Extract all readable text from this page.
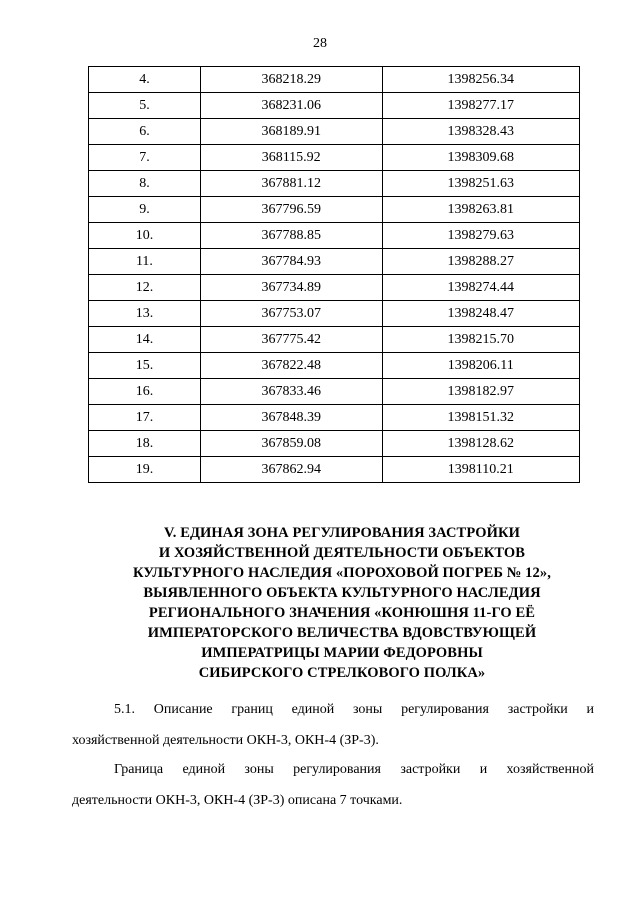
28
4.	368218.29	1398256.34
5.	368231.06	1398277.17
6.	368189.91	1398328.43
7.	368115.92	1398309.68
8.	367881.12	1398251.63
9.	367796.59	1398263.81
10.	367788.85	1398279.63
11.	367784.93	1398288.27
12.	367734.89	1398274.44
13.	367753.07	1398248.47
14.	367775.42	1398215.70
15.	367822.48	1398206.11
16.	367833.46	1398182.97
17.	367848.39	1398151.32
18.	367859.08	1398128.62
19.	367862.94	1398110.21
V. ЕДИНАЯ ЗОНА РЕГУЛИРОВАНИЯ ЗАСТРОЙКИ
И ХОЗЯЙСТВЕННОЙ ДЕЯТЕЛЬНОСТИ ОБЪЕКТОВ
КУЛЬТУРНОГО НАСЛЕДИЯ «ПОРОХОВОЙ ПОГРЕБ № 12»,
ВЫЯВЛЕННОГО ОБЪЕКТА КУЛЬТУРНОГО НАСЛЕДИЯ
РЕГИОНАЛЬНОГО ЗНАЧЕНИЯ «КОНЮШНЯ 11-ГО ЕЁ
ИМПЕРАТОРСКОГО ВЕЛИЧЕСТВА ВДОВСТВУЮЩЕЙ
ИМПЕРАТРИЦЫ МАРИИ ФЕДОРОВНЫ
СИБИРСКОГО СТРЕЛКОВОГО ПОЛКА»
5.1. Описание границ единой зоны регулирования застройки и
хозяйственной деятельности ОКН-3, ОКН-4 (ЗР-3).
Граница единой зоны регулирования застройки и хозяйственной
деятельности ОКН-3, ОКН-4 (ЗР-3) описана 7 точками.
